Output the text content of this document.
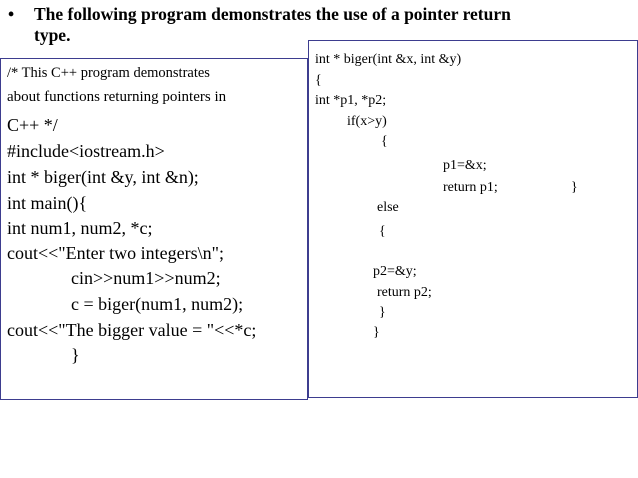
• The following program demonstrates the use of a pointer return
type.
/* This C++ program demonstrates
about functions returning pointers in
C++ */
#include<iostream.h>
int * biger(int &y, int &n);
int main(){
int num1, num2, *c;
cout<<"Enter two integers\n";
cin>>num1>>num2;
c = biger(num1, num2);
cout<<"The bigger value = "<<*c;
}
int * biger(int &x, int &y)
{
int *p1, *p2;
if(x>y)
{
p1=&x;
return p1;	}
else
{
p2=&y;
return p2;
}
}
